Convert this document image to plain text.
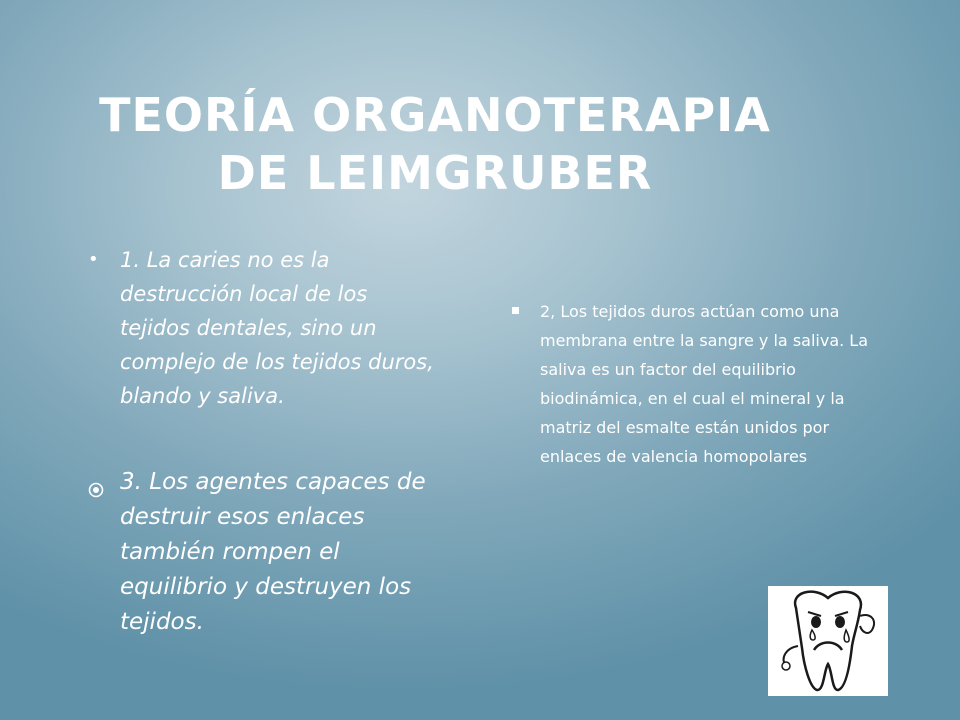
TEORÍA ORGANOTERAPIA
DE LEIMGRUBER
•	1. La caries no es la destrucción local de los tejidos dentales, sino un complejo de los tejidos duros, blando y saliva.
3. Los agentes capaces de destruir esos enlaces también rompen el equilibrio y destruyen los tejidos.
2, Los tejidos duros actúan como una membrana entre la sangre y la saliva. La saliva es un factor del equilibrio biodinámica, en el cual el mineral y la matriz del esmalte están unidos por enlaces de valencia homopolares
